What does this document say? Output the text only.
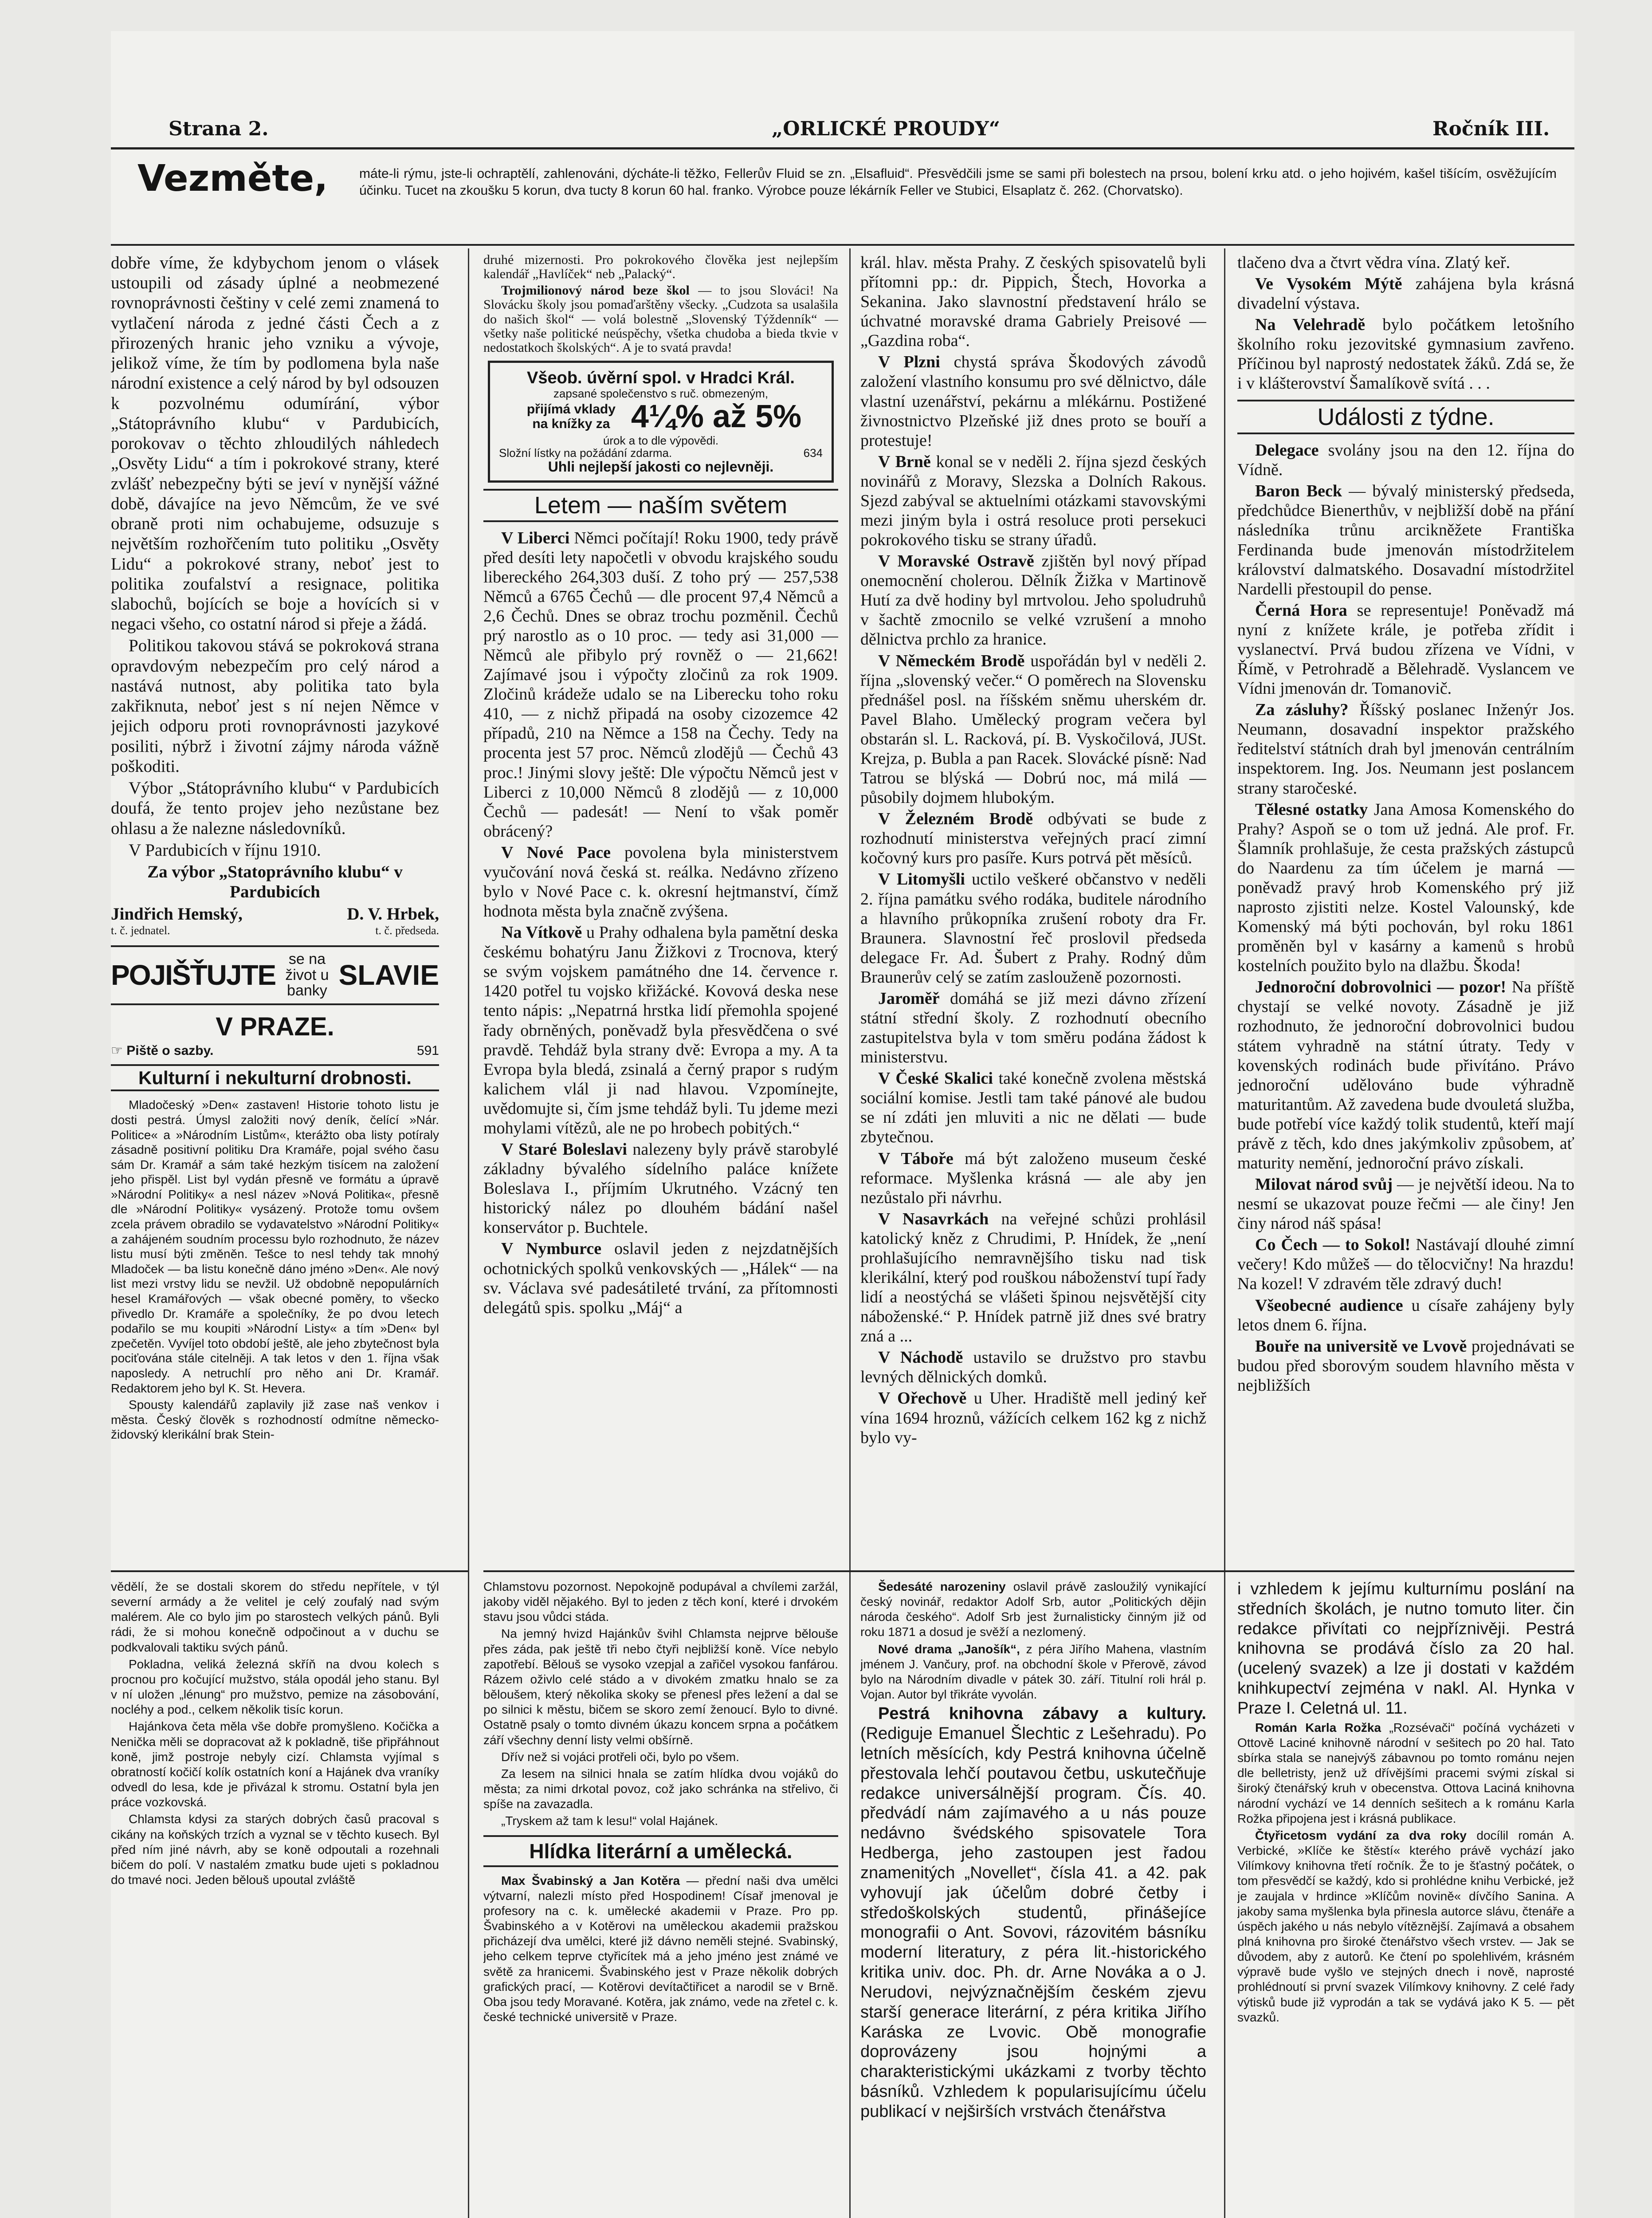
Strana 2.	„ORLICKÉ PROUDY“	Ročník III.
Vezměte, máte-li rýmu, jste-li ochraptělí, zahlenováni, dýcháte-li těžko, Fellerův Fluid se zn. „Elsafluid“. Přesvědčili jsme se sami při bolestech na prsou, bolení krku atd. o jeho hojivém, kašel tišícím, osvěžujícím účinku. Tucet na zkoušku 5 korun, dva tucty 8 korun 60 hal. franko. Výrobce pouze lékárník Feller ve Stubici, Elsaplatz č. 262. (Chorvatsko).

dobře víme, že kdybychom jenom o vlásek ustoupili od zásady úplné a neobmezené rovnoprávnosti češtiny v celé zemi znamená to vytlačení národa z jedné části Čech a z přirozených hranic jeho vzniku a vývoje, jelikož víme, že tím by podlomena byla naše národní existence a celý národ by byl odsouzen k pozvolnému odumírání, výbor „Státoprávního klubu“ v Pardubicích, porokovav o těchto zhloudilých náhledech „Osvěty Lidu“ a tím i pokrokové strany, které zvlášť nebezpečny býti se jeví v nynější vážné době, dávajíce na jevo Němcům, že ve své obraně proti nim ochabujeme, odsuzuje s největším rozhořčením tuto politiku „Osvěty Lidu“ a pokrokové strany, neboť jest to politika zoufalství a resignace, politika slabochů, bojících se boje a hovících si v negaci všeho, co ostatní národ si přeje a žádá.

Politikou takovou stává se pokroková strana opravdovým nebezpečím pro celý národ a nastává nutnost, aby politika tato byla zakřiknuta, neboť jest s ní nejen Němce v jejich odporu proti rovnoprávnosti jazykové posiliti, nýbrž i životní zájmy národa vážně poškoditi.

Výbor „Státoprávního klubu“ v Pardubicích doufá, že tento projev jeho nezůstane bez ohlasu a že nalezne následovníků.

V Pardubicích v říjnu 1910.

Za výbor „Statoprávního klubu“ v Pardubicích

Jindřich Hemský,	D. V. Hrbek,
t. č. jednatel.	t. č. předseda.
POJIŠŤUJTE se na život u banky SLAVIE
V PRAZE.
☞ Piště o sazby.	591
Kulturní i nekulturní drobnosti.

Mladočeský »Den« zastaven! Historie tohoto listu je dosti pestrá. Úmysl založiti nový deník, čelící »Nár. Politice« a »Národním Listům«, kterážto oba listy potíraly zásadně positivní politiku Dra Kramáře, pojal svého času sám Dr. Kramář a sám také hezkým tisícem na založení jeho přispěl. List byl vydán přesně ve formátu a úpravě »Národní Politiky« a nesl název »Nová Politika«, přesně dle »Národní Politiky« vysázený. Protože tomu ovšem zcela právem obradilo se vydavatelstvo »Národní Politiky« a zahájeném soudním processu bylo rozhodnuto, že název listu musí býti změněn. Tešce to nesl tehdy tak mnohý Mladoček — ba listu konečně dáno jméno »Den«. Ale nový list mezi vrstvy lidu se nevžil. Už obdobně nepopulárních hesel Kramářových — však obecné poměry, to všecko přivedlo Dr. Kramáře a společníky, že po dvou letech podařilo se mu koupiti »Národní Listy« a tím »Den« byl zpečetěn. Vyvíjel toto období ještě, ale jeho zbytečnost byla pociťována stále citelněji. A tak letos v den 1. října však naposledy. A netruchlí pro něho ani Dr. Kramář. Redaktorem jeho byl K. St. Hevera.

Spousty kalendářů zaplavily již zase naš venkov i města. Český člověk s rozhodností odmítne německo-židovský klerikální brak Stein-

druhé mizernosti. Pro pokrokového člověka jest nejlepším kalendář „Havlíček“ neb „Palacký“.

Trojmilionový národ beze škol — to jsou Slováci! Na Slovácku školy jsou pomaďarštěny všecky. „Cudzota sa usalašila do našich škol“ — volá bolestně „Slovenský Týždenník“ — všetky naše politické neúspěchy, všetka chudoba a bieda tkvie v nedostatkoch školských“. A je to svatá pravda!

Všeob. úvěrní spol. v Hradci Král.
zapsané společenstvo s ruč. obmezeným,
přijímá vklady na knížky za 4¼% až 5%
úrok a to dle výpovědi.
Složní lístky na požádání zdarma.	634
Uhli nejlepší jakosti co nejlevněji.
Letem — naším světem

V Liberci Němci počítají! Roku 1900, tedy právě před desíti lety napočetli v obvodu krajského soudu libereckého 264,303 duší. Z toho prý — 257,538 Němců a 6765 Čechů — dle procent 97,4 Němců a 2,6 Čechů. Dnes se obraz trochu pozměnil. Čechů prý narostlo as o 10 proc. — tedy asi 31,000 — Němců ale přibylo prý rovněž o — 21,662! Zajímavé jsou i výpočty zločinů za rok 1909. Zločinů krádeže udalo se na Liberecku toho roku 410, — z nichž připadá na osoby cizozemce 42 případů, 210 na Němce a 158 na Čechy. Tedy na procenta jest 57 proc. Němců zlodějů — Čechů 43 proc.! Jinými slovy ještě: Dle výpočtu Němců jest v Liberci z 10,000 Němců 8 zlodějů — z 10,000 Čechů — padesát! — Není to však poměr obrácený?

V Nové Pace povolena byla ministerstvem vyučování nová česká st. reálka. Nedávno zřízeno bylo v Nové Pace c. k. okresní hejtmanství, čímž hodnota města byla značně zvýšena.

Na Vítkově u Prahy odhalena byla pamětní deska českému bohatýru Janu Žižkovi z Trocnova, který se svým vojskem památného dne 14. července r. 1420 potřel tu vojsko křižácké. Kovová deska nese tento nápis: „Nepatrná hrstka lidí přemohla spojené řady obrněných, poněvadž byla přesvědčena o své pravdě. Tehdáž byla strany dvě: Evropa a my. A ta Evropa byla bledá, zsinalá a černý prapor s rudým kalichem vlál ji nad hlavou. Vzpomínejte, uvědomujte si, čím jsme tehdáž byli. Tu jdeme mezi mohylami vítězů, ale ne po hrobech pobitých.“

V Staré Boleslavi nalezeny byly právě starobylé základny bývalého sídelního paláce knížete Boleslava I., příjmím Ukrutného. Vzácný ten historický nález po dlouhém bádání našel konservátor p. Buchtele.

V Nymburce oslavil jeden z nejzdatnějších ochotnických spolků venkovských — „Hálek“ — na sv. Václava své padesátileté trvání, za přítomnosti delegátů spis. spolku „Máj“ a

král. hlav. města Prahy. Z českých spisovatelů byli přítomni pp.: dr. Pippich, Štech, Hovorka a Sekanina. Jako slavnostní představení hrálo se úchvatné moravské drama Gabriely Preisové — „Gazdina roba“.

V Plzni chystá správa Škodových závodů založení vlastního konsumu pro své dělnictvo, dále vlastní uzenářství, pekárnu a mlékárnu. Postižené živnostnictvo Plzeňské již dnes proto se bouří a protestuje!

V Brně konal se v neděli 2. října sjezd českých novinářů z Moravy, Slezska a Dolních Rakous. Sjezd zabýval se aktuelními otázkami stavovskými mezi jiným byla i ostrá resoluce proti persekuci pokrokového tisku se strany úřadů.

V Moravské Ostravě zjištěn byl nový případ onemocnění cholerou. Dělník Žižka v Martinově Hutí za dvě hodiny byl mrtvolou. Jeho spoludruhů v šachtě zmocnilo se velké vzrušení a mnoho dělnictva prchlo za hranice.

V Německém Brodě uspořádán byl v neděli 2. října „slovenský večer.“ O poměrech na Slovensku přednášel posl. na říšském sněmu uherském dr. Pavel Blaho. Umělecký program večera byl obstarán sl. L. Racková, pí. B. Vyskočilová, JUSt. Krejza, p. Bubla a pan Racek. Slovácké písně: Nad Tatrou se blýská — Dobrú noc, má milá — působily dojmem hlubokým.

V Železném Brodě odbývati se bude z rozhodnutí ministerstva veřejných prací zimní kočovný kurs pro pasíře. Kurs potrvá pět měsíců.

V Litomyšli uctilo veškeré občanstvo v neděli 2. října památku svého rodáka, buditele národního a hlavního průkopníka zrušení roboty dra Fr. Braunera. Slavnostní řeč proslovil předseda delegace Fr. Ad. Šubert z Prahy. Rodný dům Braunerův celý se zatím zaslouženě pozornosti.

Jaroměř domáhá se již mezi dávno zřízení státní střední školy. Z rozhodnutí obecního zastupitelstva byla v tom směru podána žádost k ministerstvu.

V České Skalici také konečně zvolena městská sociální komise. Jestli tam také pánové ale budou se ní zdáti jen mluviti a nic ne dělati — bude zbytečnou.

V Táboře má být založeno museum české reformace. Myšlenka krásná — ale aby jen nezůstalo při návrhu.

V Nasavrkách na veřejné schůzi prohlásil katolický kněz z Chrudimi, P. Hnídek, že „není prohlašujícího nemravnějšího tisku nad tisk klerikální, který pod rouškou náboženství tupí řady lidí a neostýchá se vlášeti špinou nejsvětější city náboženské.“ P. Hnídek patrně již dnes své bratry zná a ...

V Náchodě ustavilo se družstvo pro stavbu levných dělnických domků.

V Ořechově u Uher. Hradiště mell jediný keř vína 1694 hroznů, vážících celkem 162 kg z nichž bylo vy-

tlačeno dva a čtvrt vědra vína. Zlatý keř.

Ve Vysokém Mýtě zahájena byla krásná divadelní výstava.

Na Velehradě bylo počátkem letošního školního roku jezovitské gymnasium zavřeno. Příčinou byl naprostý nedostatek žáků. Zdá se, že i v klášterovství Šamalíkově svítá . . .

Události z týdne.

Delegace svolány jsou na den 12. října do Vídně.

Baron Beck — bývalý ministerský předseda, předchůdce Bienerthův, v nejbližší době na přání následníka trůnu arcikněžete Františka Ferdinanda bude jmenován místodržitelem království dalmatského. Dosavadní místodržitel Nardelli přestoupil do pense.

Černá Hora se representuje! Poněvadž má nyní z knížete krále, je potřeba zřídit i vyslanectví. Prvá budou zřízena ve Vídni, v Římě, v Petrohradě a Bělehradě. Vyslancem ve Vídni jmenován dr. Tomanovič.

Za zásluhy? Říšský poslanec Inženýr Jos. Neumann, dosavadní inspektor pražského ředitelství státních drah byl jmenován centrálním inspektorem. Ing. Jos. Neumann jest poslancem strany staročeské.

Tělesné ostatky Jana Amosa Komenského do Prahy? Aspoň se o tom už jedná. Ale prof. Fr. Šlamník prohlašuje, že cesta pražských zástupců do Naardenu za tím účelem je marná — poněvadž pravý hrob Komenského prý již naprosto zjistiti nelze. Kostel Valounský, kde Komenský má býti pochován, byl roku 1861 proměněn byl v kasárny a kamenů s hrobů kostelních použito bylo na dlažbu. Škoda!

Jednoroční dobrovolnici — pozor! Na příště chystají se velké novoty. Zásadně je již rozhodnuto, že jednoroční dobrovolnici budou státem vyhradně na státní útraty. Tedy v kovenských rodinách bude přivítáno. Právo jednoroční udělováno bude výhradně maturitantům. Až zavedena bude dvouletá služba, bude potřebí více každý tolik studentů, kteří mají právě z těch, kdo dnes jakýmkoliv způsobem, ať maturity nemění, jednoroční právo získali.

Milovat národ svůj — je největší ideou. Na to nesmí se ukazovat pouze řečmi — ale činy! Jen činy národ náš spása!

Co Čech — to Sokol! Nastávají dlouhé zimní večery! Kdo můžeš — do tělocvičny! Na hrazdu! Na kozel! V zdravém těle zdravý duch!

Všeobecné audience u císaře zahájeny byly letos dnem 6. října.

Bouře na universitě ve Lvově projednávati se budou před sborovým soudem hlavního města v nejbližších

vědělí, že se dostali skorem do středu nepřítele, v týl severní armády a že velitel je celý zoufalý nad svým malérem. Ale co bylo jim po starostech velkých pánů. Byli rádi, že si mohou konečně odpočinout a v duchu se podkvalovali taktiku svých pánů.

Pokladna, veliká železná skříň na dvou kolech s procnou pro kočující mužstvo, stála opodál jeho stanu. Byl v ní uložen „lénung“ pro mužstvo, pemize na zásobování, nocléhy a pod., celkem několik tisíc korun.

Hajánkova četa měla vše dobře promyšleno. Kočička a Nenička měli se dopracovat až k pokladně, tiše připřáhnout koně, jimž postroje nebyly cizí. Chlamsta vyjímal s obratností kočičí kolík ostatních koní a Hajánek dva vraníky odvedl do lesa, kde je přivázal k stromu. Ostatní byla jen práce vozkovská.

Chlamsta kdysi za starých dobrých časů pracoval s cikány na koňských trzích a vyznal se v těchto kusech. Byl před ním jiné návrh, aby se koně odpoutali a rozehnali bičem do polí. V nastalém zmatku bude ujeti s pokladnou do tmavé noci. Jeden bělouš upoutal zvláště

Chlamstovu pozornost. Nepokojně podupával a chvílemi zaržál, jakoby viděl nějakého. Byl to jeden z těch koní, které i drvokém stavu jsou vůdci stáda.

Na jemný hvizd Hajánkův švihl Chlamsta nejprve běloušе přes záda, pak ještě tři nebo čtyři nejbližší koně. Více nebylo zapotřebí. Bělouš se vysoko vzepjal a zařičel vysokou fanfárou. Rázem oživlo celé stádo a v divokém zmatku hnalo se za běloušem, který několika skoky se přenesl přes ležení a dal se po silnici k městu, bičem se skoro zemí ženoucí. Bylo to divné. Ostatně psaly o tomto divném úkazu koncem srpna a počátkem září všechny denní listy velmi obšírně.

Dřív než si vojáci protřeli oči, bylo po všem.

Za lesem na silnici hnala se zatím hlídka dvou vojáků do města; za nimi drkotal povoz, což jako schránka na střelivo, či spíše na zavazadla.

„Tryskem až tam k lesu!“ volal Hajánek.

Hlídka literární a umělecká.

Max Švabinský a Jan Kotěra — přední naši dva umělci výtvarní, nalezli místo před Hospodinem! Císař jmenoval je profesory na c. k. umělecké akademii v Praze. Pro pp. Švabinského a v Kotěrovi na uměleckou akademii pražskou přicházejí dva umělci, které již dávno neměli stejné. Svabinský, jeho celkem teprve ctyřicítek má a jeho jméno jest známé ve světě za hranicemi. Švabinského jest v Praze několik dobrých grafických prací, — Kotěrovi devítačtiřicet a narodil se v Brně. Oba jsou tedy Moravané. Kotěra, jak známo, vede na zřetel c. k. české technické universitě v Praze.

Šedesáté narozeniny oslavil právě zasloužilý vynikající český novinář, redaktor Adolf Srb, autor „Politických dějin národa českého“. Adolf Srb jest žurnalisticky činným již od roku 1871 a dosud je svěží a nezlomený.

Nové drama „Janošík“, z péra Jiřího Mahena, vlastním jménem J. Vančury, prof. na obchodní škole v Přerově, závod bylo na Národním divadle v pátek 30. září. Titulní roli hrál p. Vojan. Autor byl třikráte vyvolán.

Pestrá knihovna zábavy a kultury. (Rediguje Emanuel Šlechtic z Lešehradu). Po letních měsících, kdy Pestrá knihovna účelně přestovala lehčí poutavou četbu, uskutečňuje redakce universálnější program. Čís. 40. předvádí nám zajímavého a u nás pouze nedávno švédského spisovatele Tora Hedberga, jeho zastoupen jest řadou znamenitých „Novellet“, čísla 41. a 42. pak vyhovují jak účelům dobré četby i středoškolských studentů, přinášejíce monografii o Ant. Sovovi, rázovitém básníku moderní literatury, z péra lit.-historického kritika univ. doc. Ph. dr. Arne Nováka a o J. Nerudovi, nejvýznačnějším českém zjevu starší generace literární, z péra kritika Jiřího Karáska ze Lvovic. Obě monografie doprovázeny jsou hojnými a charakteristickými ukázkami z tvorby těchto básníků. Vzhledem k popularisujícímu účelu publikací v nejširších vrstvách čtenářstva

i vzhledem k jejímu kulturnímu poslání na středních školách, je nutno tomuto liter. čin redakce přivítati co nejpříznivěji. Pestrá knihovna se prodává číslo za 20 hal. (ucelený svazek) a lze ji dostati v každém knihkupectví zejména v nakl. Al. Hynka v Praze I. Celetná ul. 11.

Román Karla Rožka „Rozsévači“ počíná vycházeti v Ottově Laciné knihovně národní v sešitech po 20 hal. Tato sbírka stala se nanejvýš zábavnou po tomto románu nejen dle belletristy, jenž už dřívějšími pracemi svými získal si široký čtenářský kruh v obecenstva. Ottova Laciná knihovna národní vychází ve 14 denních sešitech a k románu Karla Rožka připojena jest i krásná publikace.

Čtyřicetosm vydání za dva roky docílil román A. Verbické, »Klíče ke štěstí« kterého právě vychází jako Vilímkovy knihovna třetí ročník. Že to je šťastný počátek, o tom přesvědčí se každý, kdo si prohlédne knihu Verbické, jež je zaujala v hrdince »Klíčům novině« dívčího Sanina. A jakoby sama myšlenka byla přinesla autorce slávu, čtenáře a úspěch jakého u nás nebylo vítěznější. Zajímavá a obsahem plná knihovna pro široké čtenářstvo všech vrstev. — Jak se důvodem, aby z autorů. Ke čtení po spolehlivém, krásném výpravě bude vyšlo ve stejných dnech i nově, naprosté prohlédnoutí si první svazek Vilímkovy knihovny. Z celé řady výtisků bude již vyprodán a tak se vydává jako K 5. — pět svazků.
